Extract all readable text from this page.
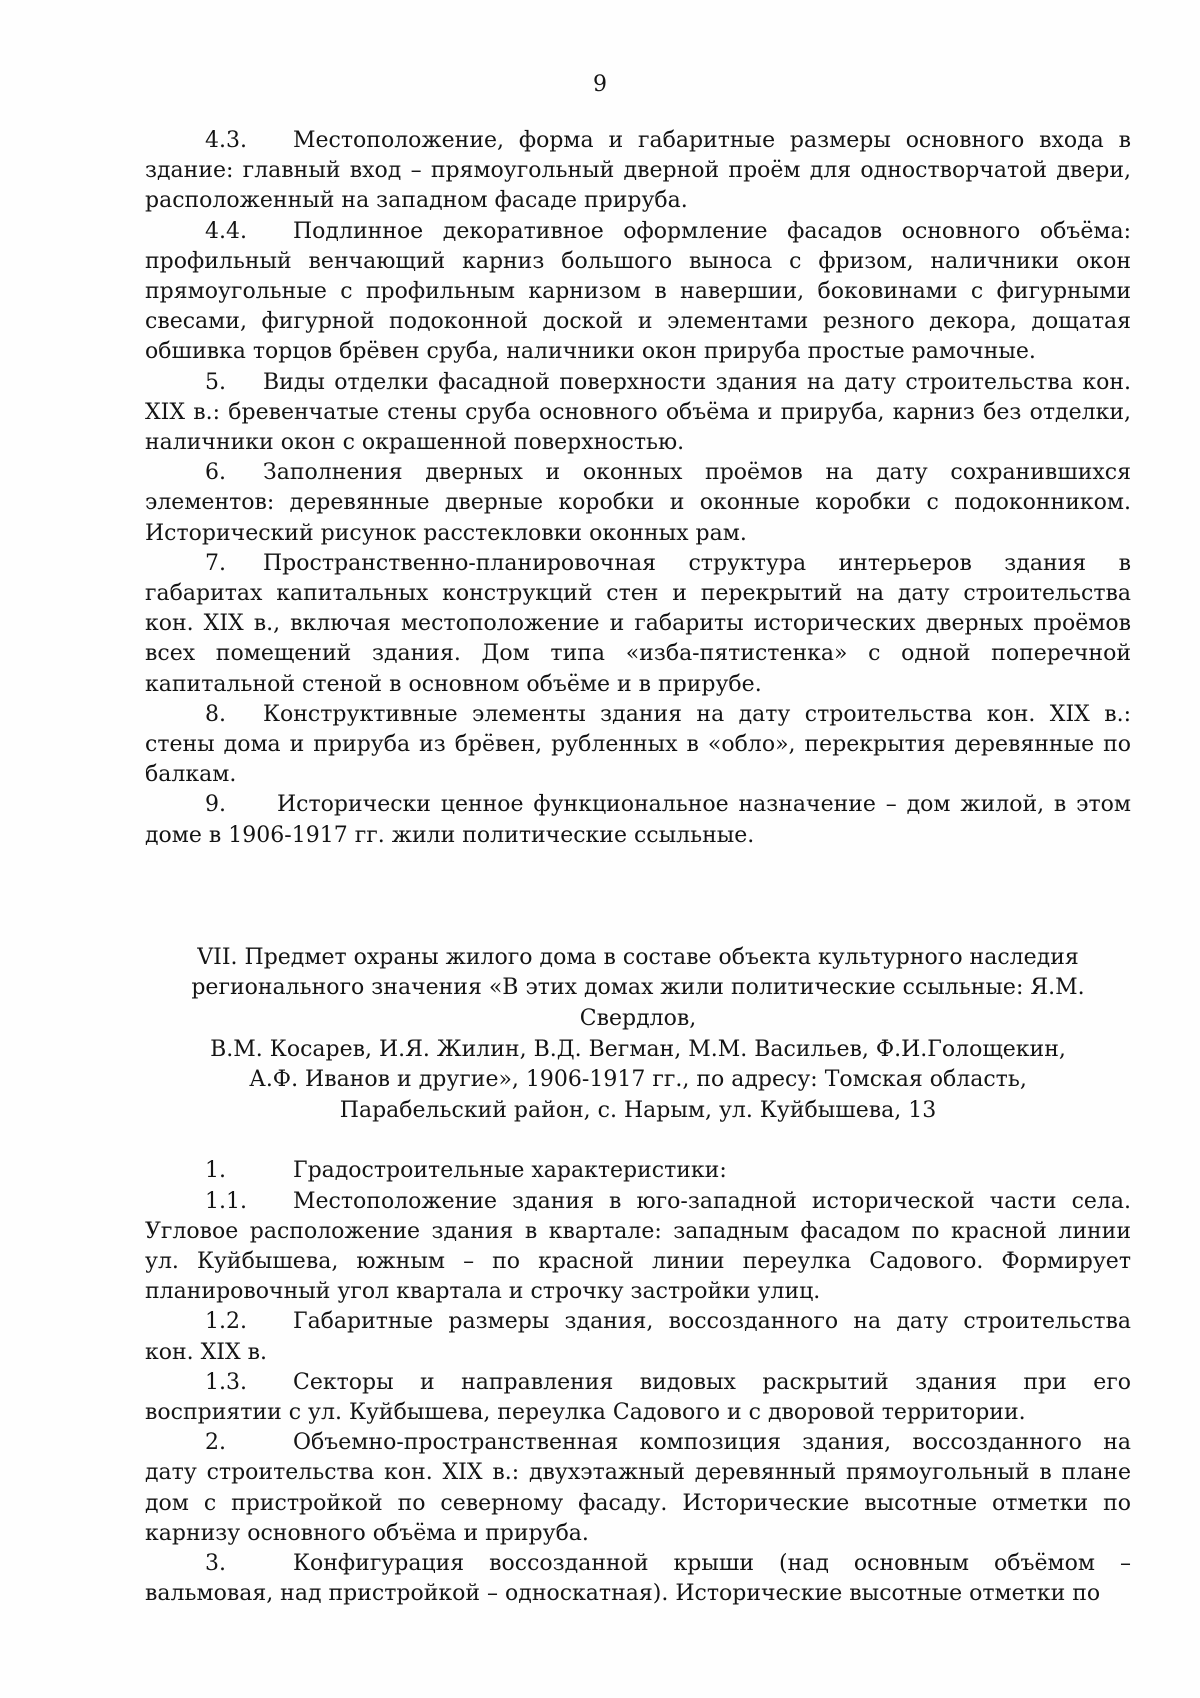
9

4.3. Местоположение, форма и габаритные размеры основного входа в здание: главный вход – прямоугольный дверной проём для одностворчатой двери, расположенный на западном фасаде прируба.

4.4. Подлинное декоративное оформление фасадов основного объёма: профильный венчающий карниз большого выноса с фризом, наличники окон прямоугольные с профильным карнизом в навершии, боковинами с фигурными свесами, фигурной подоконной доской и элементами резного декора, дощатая обшивка торцов брёвен сруба, наличники окон прируба простые рамочные.

5. Виды отделки фасадной поверхности здания на дату строительства кон. XIX в.: бревенчатые стены сруба основного объёма и прируба, карниз без отделки, наличники окон с окрашенной поверхностью.

6. Заполнения дверных и оконных проёмов на дату сохранившихся элементов: деревянные дверные коробки и оконные коробки с подоконником. Исторический рисунок расстекловки оконных рам.

7. Пространственно-планировочная структура интерьеров здания в габаритах капитальных конструкций стен и перекрытий на дату строительства кон. XIX в., включая местоположение и габариты исторических дверных проёмов всех помещений здания. Дом типа «изба-пятистенка» с одной поперечной капитальной стеной в основном объёме и в прирубе.

8. Конструктивные элементы здания на дату строительства кон. XIX в.: стены дома и прируба из брёвен, рубленных в «обло», перекрытия деревянные по балкам.

9. Исторически ценное функциональное назначение – дом жилой, в этом доме в 1906-1917 гг. жили политические ссыльные.

VII. Предмет охраны жилого дома в составе объекта культурного наследия

регионального значения «В этих домах жили политические ссыльные: Я.М. Свердлов,

В.М. Косарев, И.Я. Жилин, В.Д. Вегман, М.М. Васильев, Ф.И.Голощекин,

А.Ф. Иванов и другие», 1906-1917 гг., по адресу: Томская область,

Парабельский район, с. Нарым, ул. Куйбышева, 13

1.	Градостроительные характеристики:

1.1. Местоположение здания в юго-западной исторической части села. Угловое расположение здания в квартале: западным фасадом по красной линии ул. Куйбышева, южным – по красной линии переулка Садового. Формирует планировочный угол квартала и строчку застройки улиц.

1.2. Габаритные размеры здания, воссозданного на дату строительства кон. XIX в.

1.3. Секторы и направления видовых раскрытий здания при его восприятии с ул. Куйбышева, переулка Садового и с дворовой территории.

2.	Объемно-пространственная композиция здания, воссозданного на дату строительства кон. XIX в.: двухэтажный деревянный прямоугольный в плане дом с пристройкой по северному фасаду. Исторические высотные отметки по карнизу основного объёма и прируба.

3.	Конфигурация воссозданной крыши (над основным объёмом – вальмовая, над пристройкой – односкатная). Исторические высотные отметки по
